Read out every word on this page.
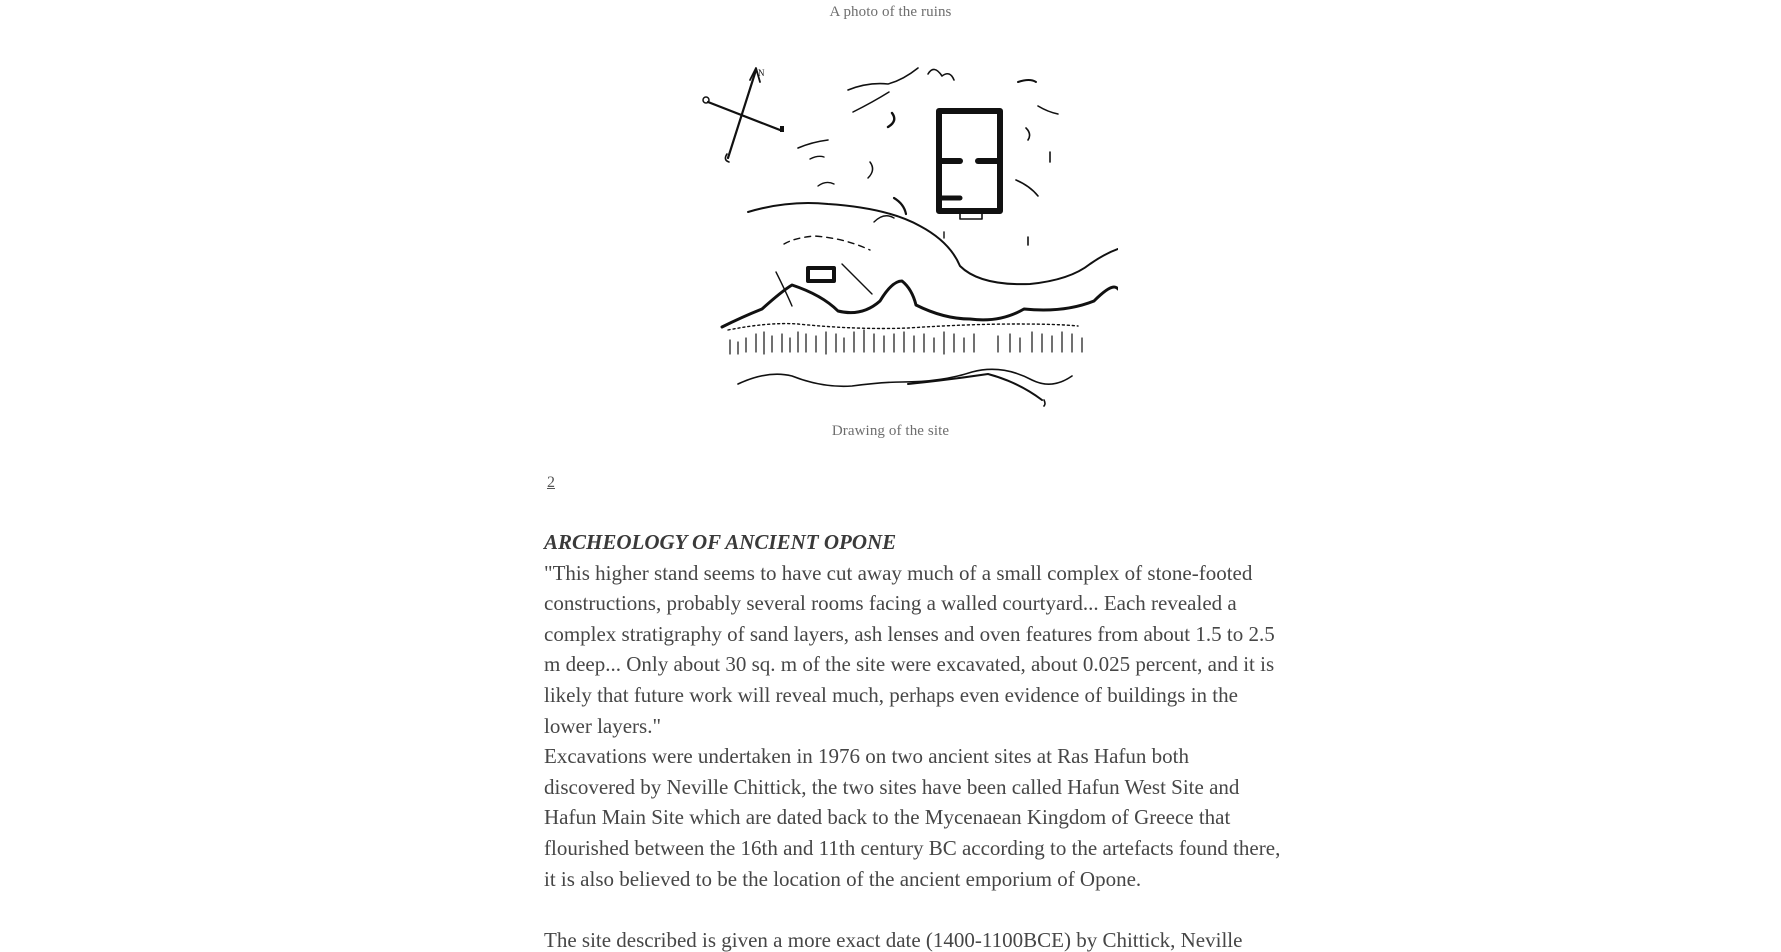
A photo of the ruins
N
Drawing of the site
2
ARCHEOLOGY OF ANCIENT OPONE

"This higher stand seems to have cut away much of a small complex of stone-footed constructions, probably several rooms facing a walled courtyard... Each revealed a complex stratigraphy of sand layers, ash lenses and oven features from about 1.5 to 2.5 m deep... Only about 30 sq. m of the site were excavated, about 0.025 percent, and it is likely that future work will reveal much, perhaps even evidence of buildings in the lower layers."

Excavations were undertaken in 1976 on two ancient sites at Ras Hafun both discovered by Neville Chittick, the two sites have been called Hafun West Site and Hafun Main Site which are dated back to the Mycenaean Kingdom of Greece that flourished between the 16th and 11th century BC according to the artefacts found there, it is also believed to be the location of the ancient emporium of Opone.

The site described is given a more exact date (1400-1100BCE) by Chittick, Neville
